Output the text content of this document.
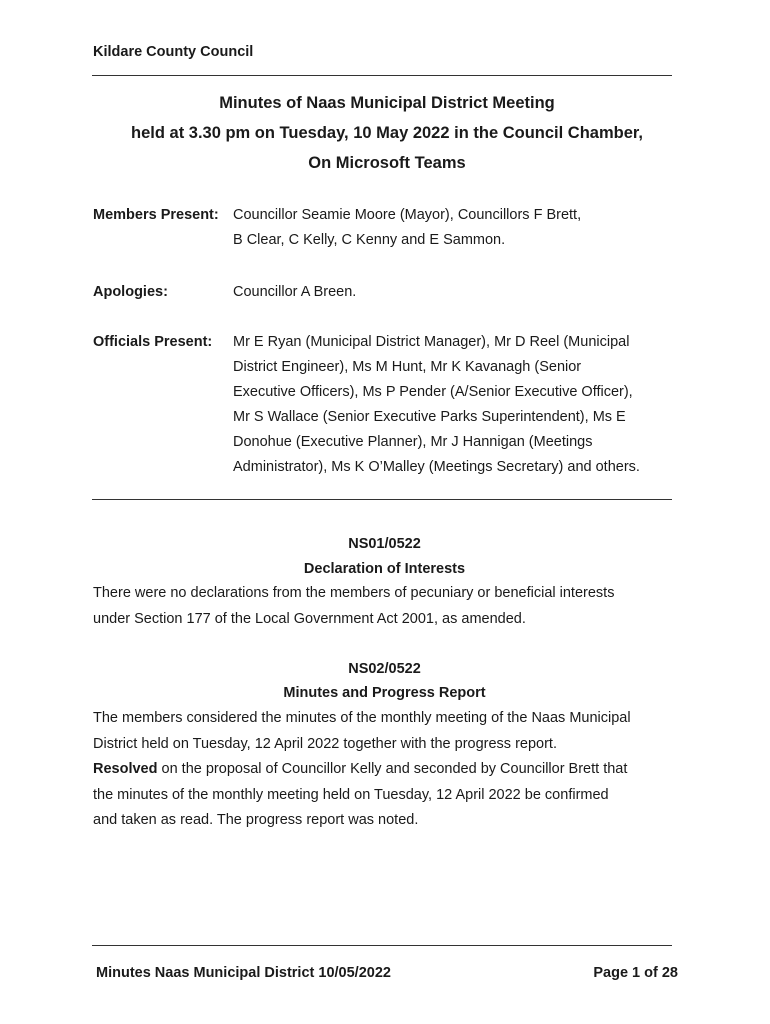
Kildare County Council
Minutes of Naas Municipal District Meeting
held at 3.30 pm on Tuesday, 10 May 2022 in the Council Chamber,
On Microsoft Teams
Members Present: Councillor Seamie Moore (Mayor), Councillors F Brett,
B Clear, C Kelly, C Kenny and E Sammon.
Apologies:	Councillor A Breen.
Officials Present: Mr E Ryan (Municipal District Manager), Mr D Reel (Municipal
District Engineer), Ms M Hunt, Mr K Kavanagh (Senior
Executive Officers), Ms P Pender (A/Senior Executive Officer),
Mr S Wallace (Senior Executive Parks Superintendent), Ms E
Donohue (Executive Planner), Mr J Hannigan (Meetings
Administrator), Ms K O’Malley (Meetings Secretary) and others.
NS01/0522
Declaration of Interests
There were no declarations from the members of pecuniary or beneficial interests
under Section 177 of the Local Government Act 2001, as amended.
NS02/0522
Minutes and Progress Report
The members considered the minutes of the monthly meeting of the Naas Municipal
District held on Tuesday, 12 April 2022 together with the progress report.
Resolved on the proposal of Councillor Kelly and seconded by Councillor Brett that
the minutes of the monthly meeting held on Tuesday, 12 April 2022 be confirmed
and taken as read. The progress report was noted.
Minutes Naas Municipal District 10/05/2022	Page 1 of 28
